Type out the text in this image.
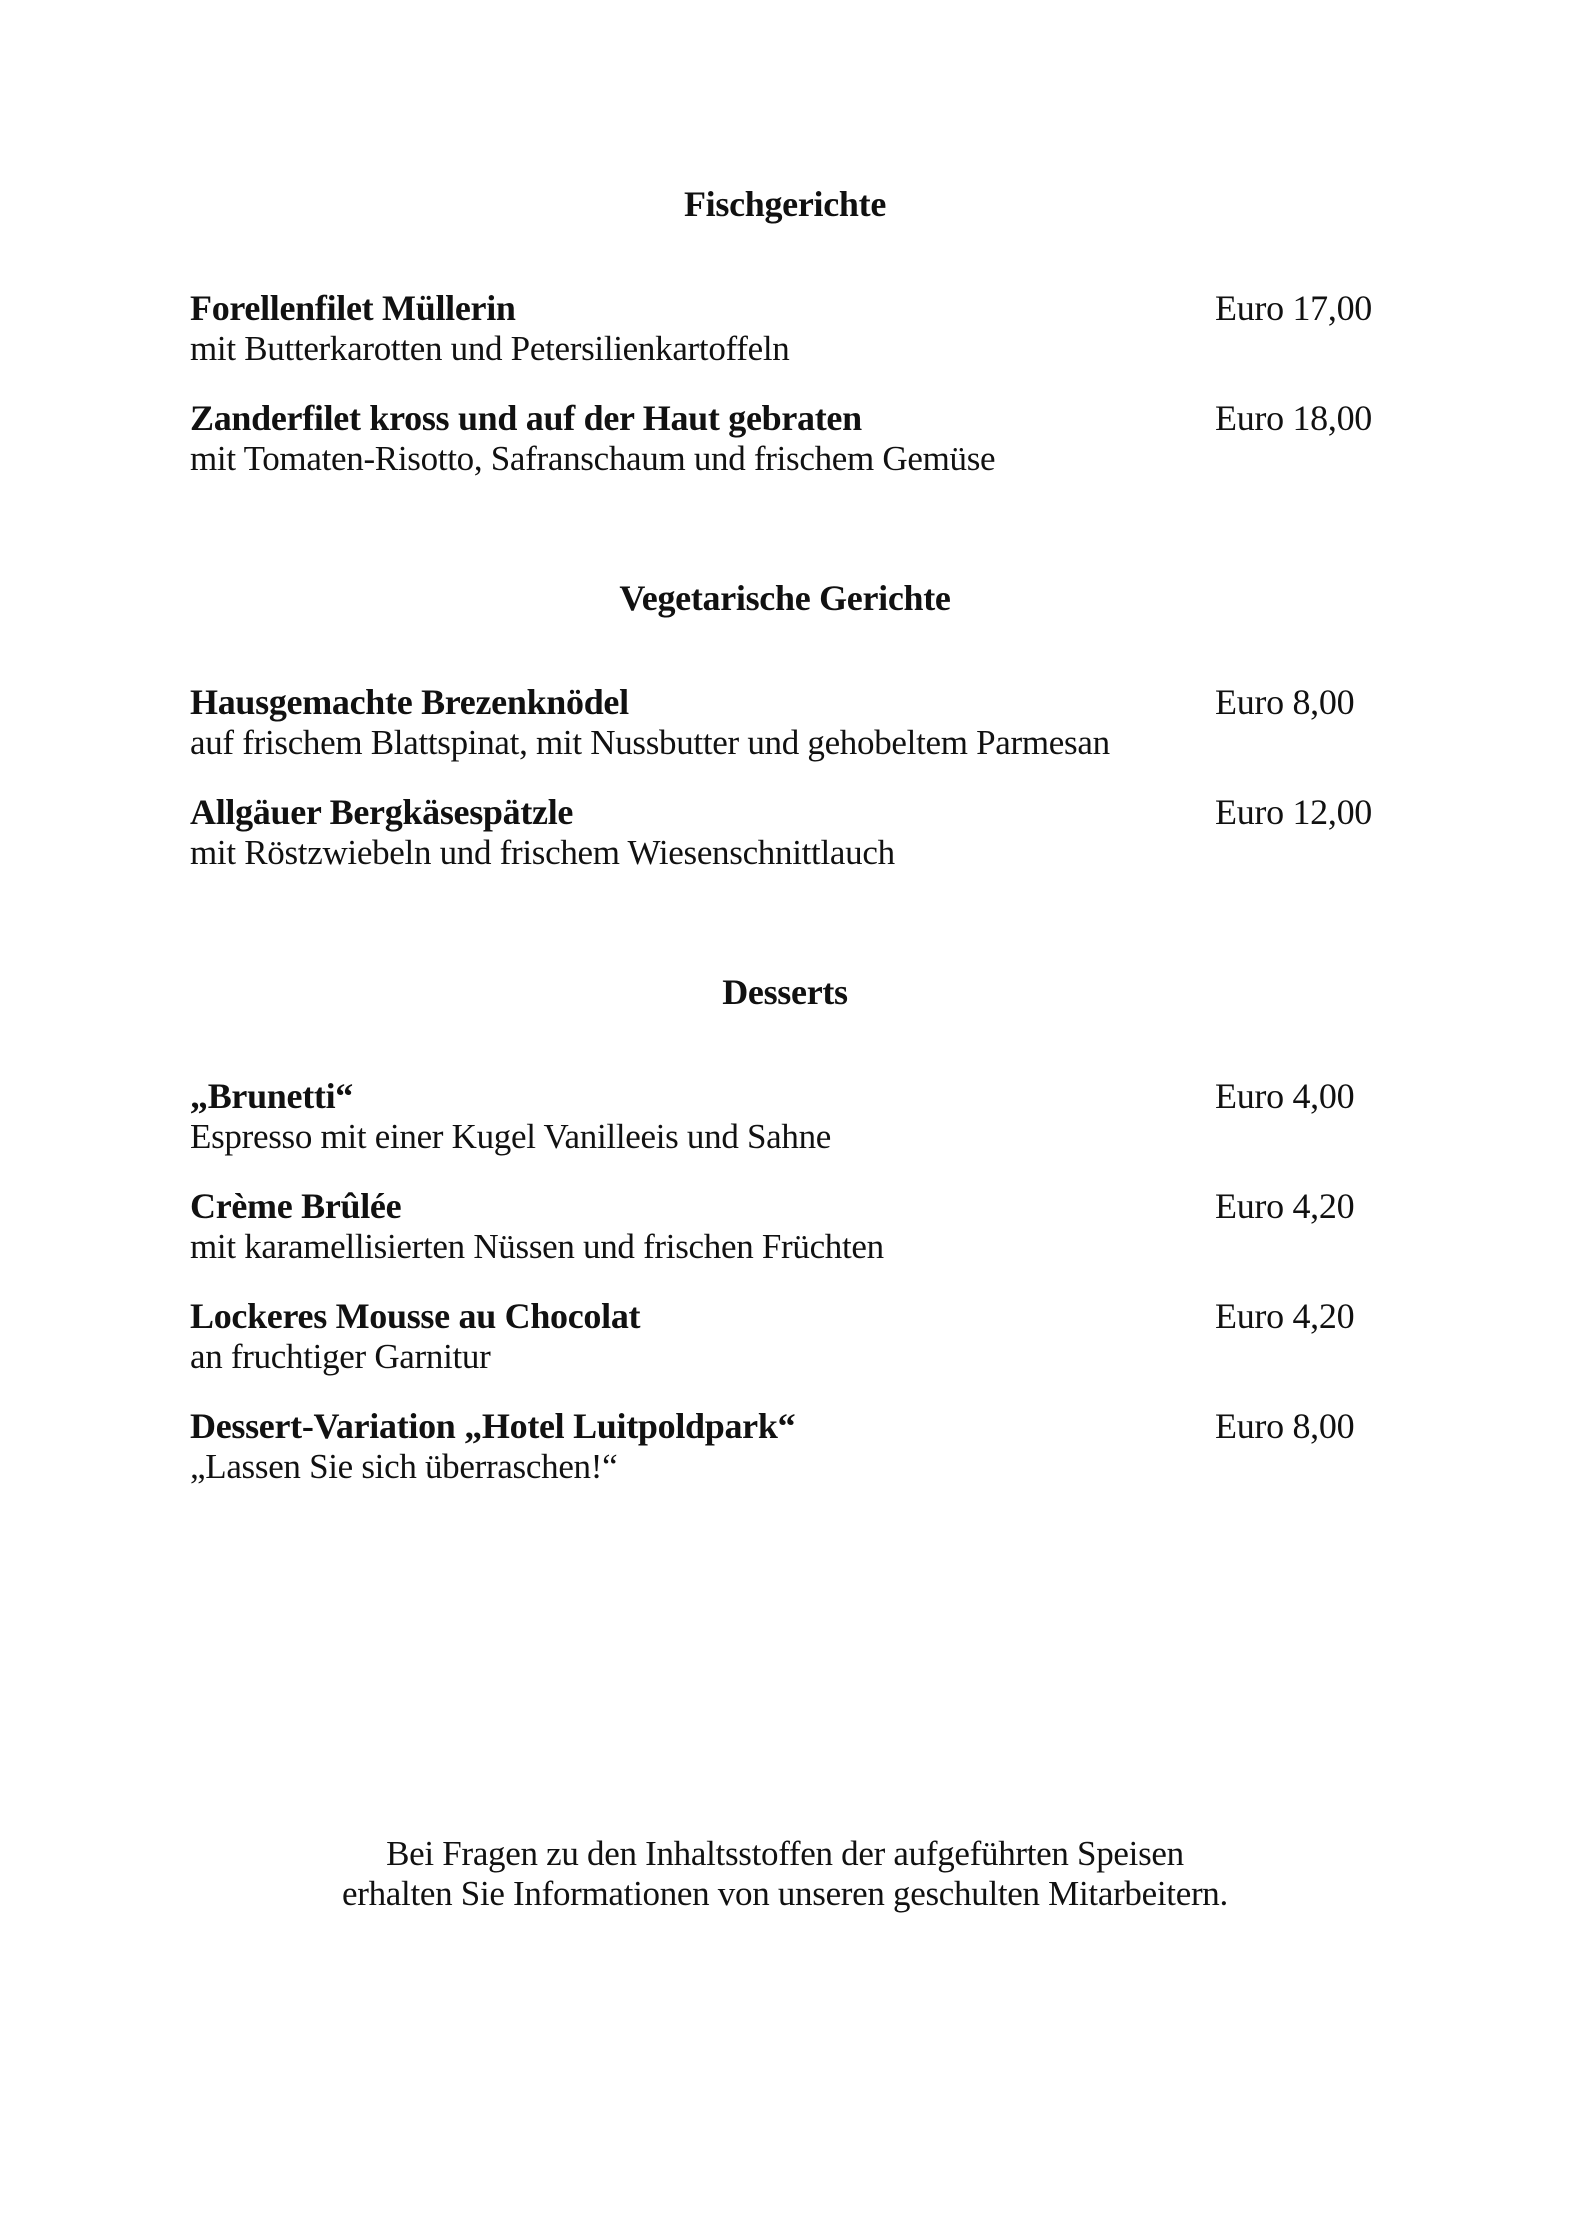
Fischgerichte
Forellenfilet Müllerin	Euro 17,00
mit Butterkarotten und Petersilienkartoffeln
Zanderfilet kross und auf der Haut gebraten	Euro 18,00
mit Tomaten-Risotto, Safranschaum und frischem Gemüse
Vegetarische Gerichte
Hausgemachte Brezenknödel	Euro 8,00
auf frischem Blattspinat, mit Nussbutter und gehobeltem Parmesan
Allgäuer Bergkäsespätzle	Euro 12,00
mit Röstzwiebeln und frischem Wiesenschnittlauch
Desserts
„Brunetti“	Euro 4,00
Espresso mit einer Kugel Vanilleeis und Sahne
Crème Brûlée	Euro 4,20
mit karamellisierten Nüssen und frischen Früchten
Lockeres Mousse au Chocolat	Euro 4,20
an fruchtiger Garnitur
Dessert-Variation „Hotel Luitpoldpark“	Euro 8,00
„Lassen Sie sich überraschen!“
Bei Fragen zu den Inhaltsstoffen der aufgeführten Speisen
erhalten Sie Informationen von unseren geschulten Mitarbeitern.
